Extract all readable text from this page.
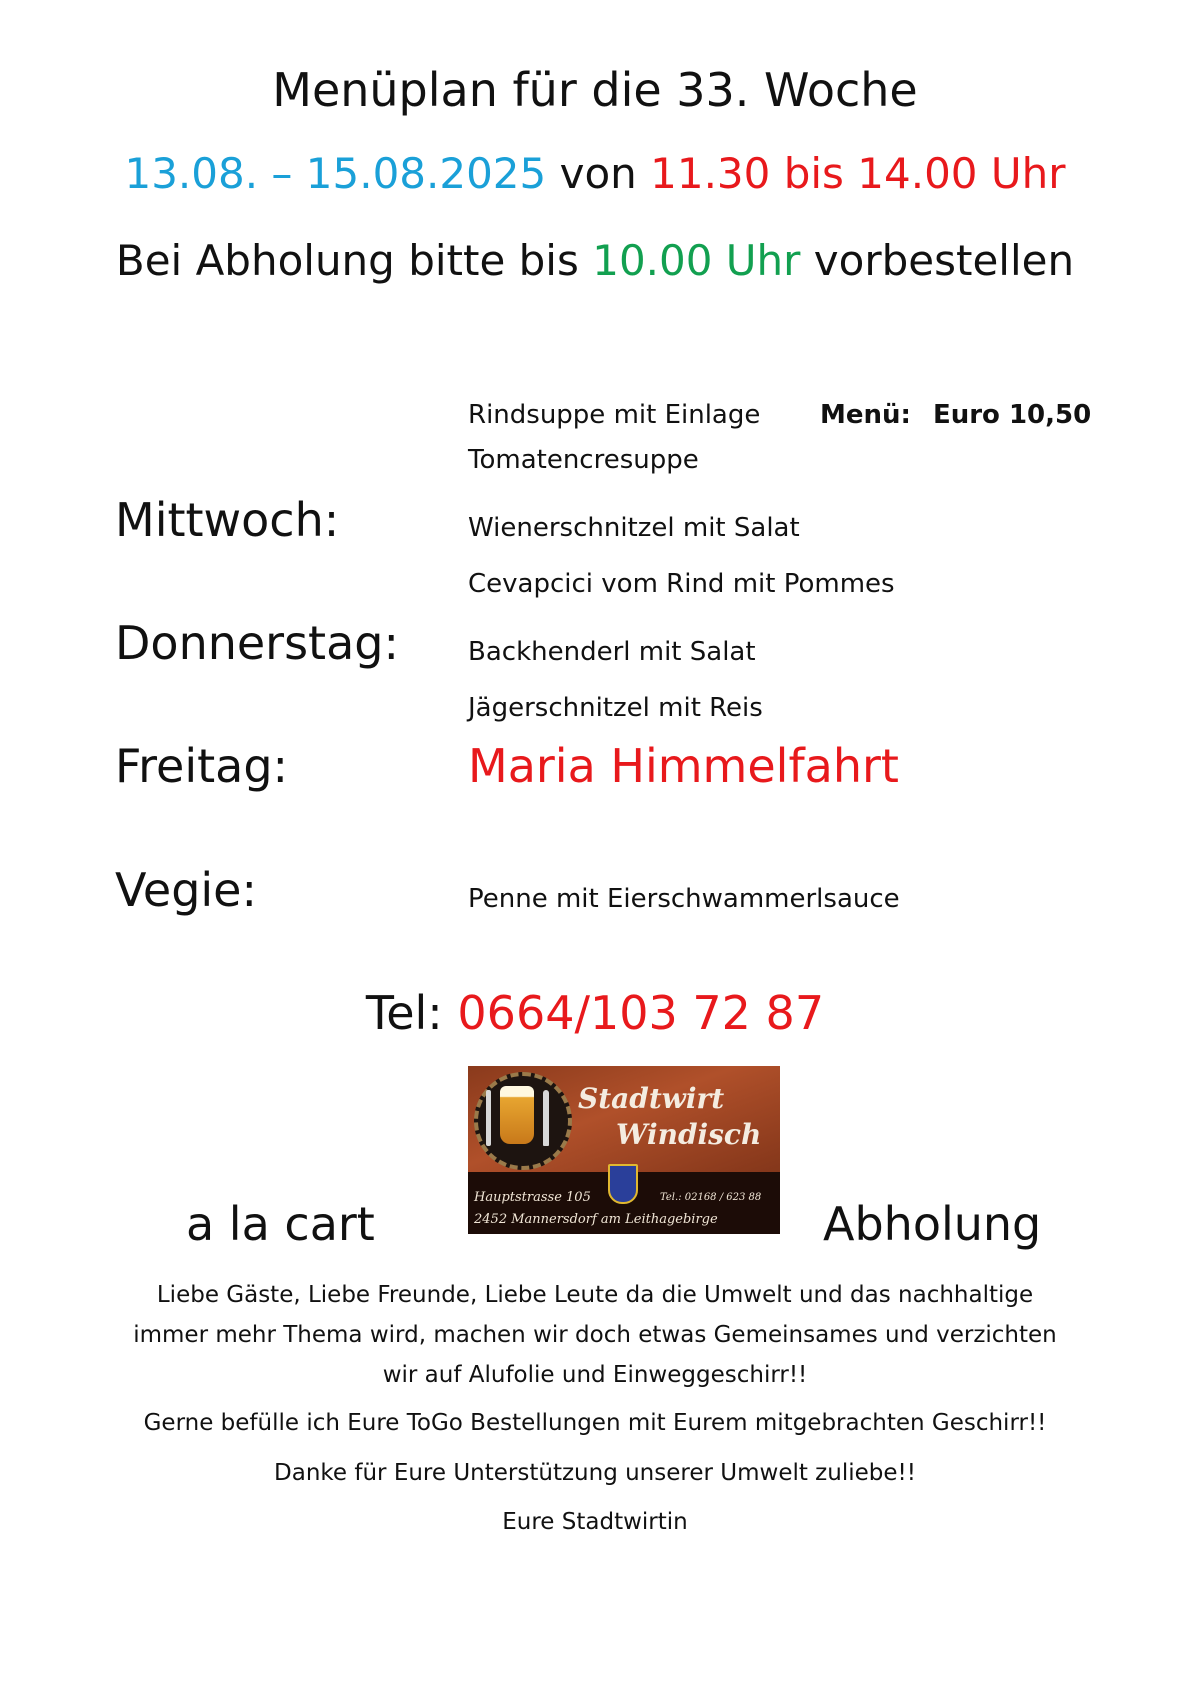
Menüplan für die 33. Woche
13.08. – 15.08.2025 von 11.30 bis 14.00 Uhr
Bei Abholung bitte bis 10.00 Uhr vorbestellen
Rindsuppe mit Einlage Menü: Euro 10,50
Tomatencresuppe
Mittwoch:	Wienerschnitzel mit Salat
Cevapcici vom Rind mit Pommes
Donnerstag:	Backhenderl mit Salat
Jägerschnitzel mit Reis
Freitag:	Maria Himmelfahrt
Vegie:	Penne mit Eierschwammerlsauce
Tel: 0664/103 72 87
Stadtwirt
Windisch
Hauptstrasse 105	Tel.: 02168 / 623 88
2452 Mannersdorf am Leithagebirge
a la cart	Abholung
Liebe Gäste, Liebe Freunde, Liebe Leute da die Umwelt und das nachhaltige immer mehr Thema wird, machen wir doch etwas Gemeinsames und verzichten wir auf Alufolie und Einweggeschirr!!
Gerne befülle ich Eure ToGo Bestellungen mit Eurem mitgebrachten Geschirr!!
Danke für Eure Unterstützung unserer Umwelt zuliebe!!
Eure Stadtwirtin
